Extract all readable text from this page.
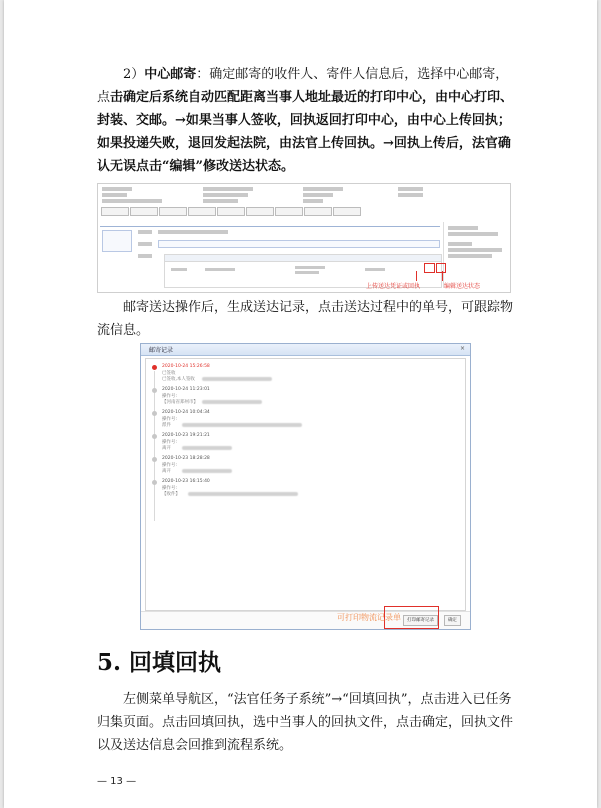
2）中心邮寄：确定邮寄的收件人、寄件人信息后，选择中心邮寄，点击确定后系统自动匹配距离当事人地址最近的打印中心，由中心打印、封装、交邮。→如果当事人签收，回执返回打印中心，由中心上传回执；如果投递失败，退回发起法院，由法官上传回执。→回执上传后，法官确认无误点击“编辑”修改送达状态。

上传送达凭证或回执	编辑送达状态

邮寄送达操作后，生成送达记录，点击送达过程中的单号，可跟踪物流信息。

邮寄记录	×
2020-10-24 15:26:58
已签收
已签收,本人签收
2020-10-24 11:23:01
操作号:
【河南省郑州市】
2020-10-24 10:04:34
操作号:
派件
2020-10-23 19:21:21
操作号:
离开
2020-10-23 18:28:28
操作号:
离开
2020-10-23 16:15:40
操作号:
【收件】
打印邮寄记录	确定
可打印物流记录单
5. 回填回执

左侧菜单导航区，“法官任务子系统”→“回填回执”，点击进入已任务归集页面。点击回填回执，选中当事人的回执文件，点击确定，回执文件以及送达信息会回推到流程系统。

— 13 —
